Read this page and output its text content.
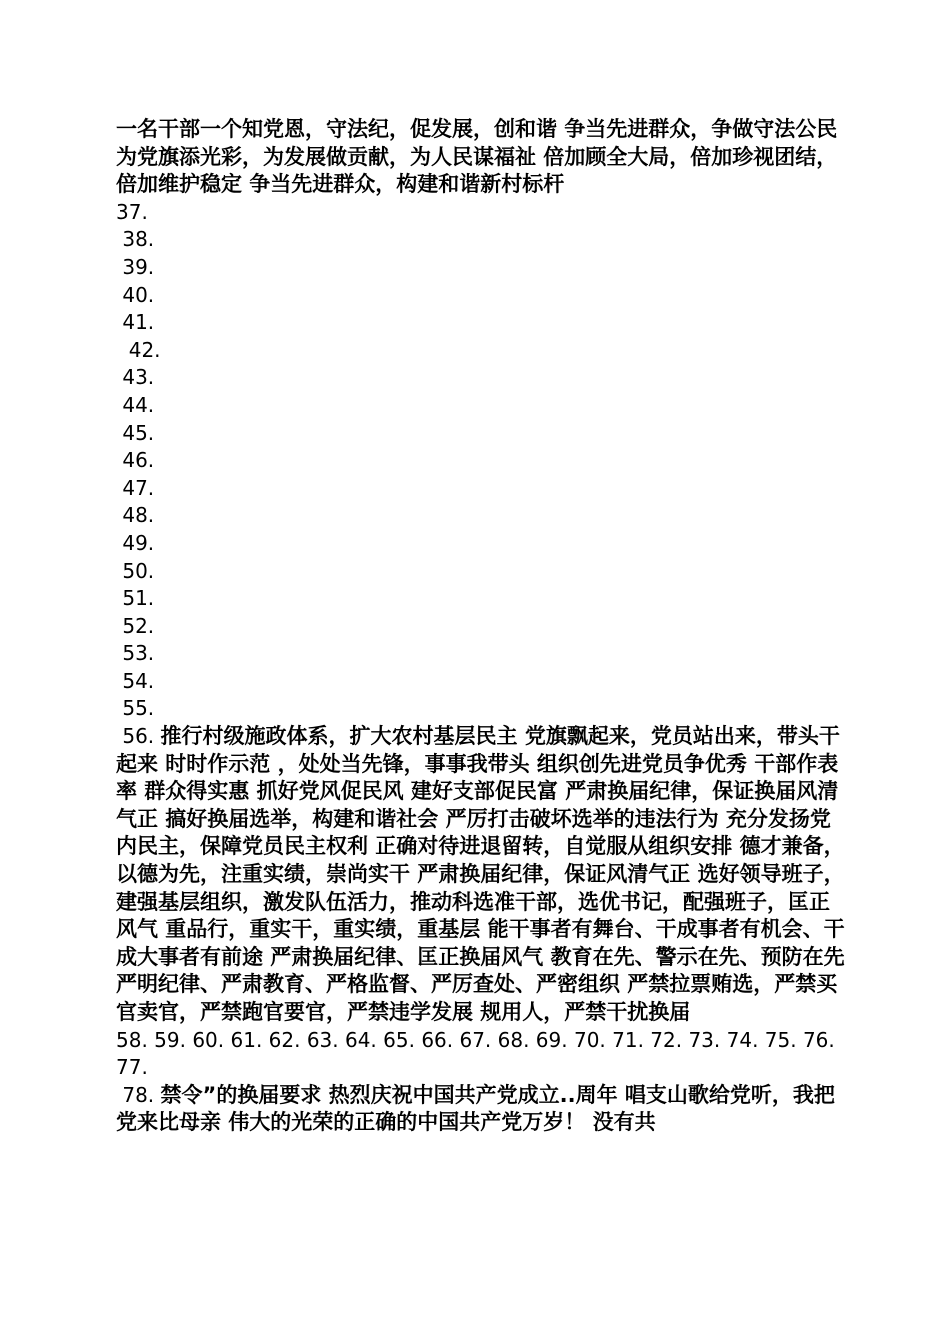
一名干部一个知党恩，守法纪，促发展，创和谐 争当先进群众，争做守法公民 为党旗添光彩，为发展做贡献，为人民谋福祉 倍加顾全大局，倍加珍视团结，倍加维护稳定 争当先进群众，构建和谐新村标杆

37.

38.

39.

40.

41.

42.

43.

44.

45.

46.

47.

48.

49.

50.

51.

52.

53.

54.

55.

56. 推行村级施政体系，扩大农村基层民主 党旗飘起来，党员站出来，带头干起来 时时作示范 ，处处当先锋，事事我带头 组织创先进党员争优秀 干部作表率 群众得实惠 抓好党风促民风 建好支部促民富 严肃换届纪律，保证换届风清气正 搞好换届选举，构建和谐社会 严厉打击破坏选举的违法行为 充分发扬党内民主，保障党员民主权利 正确对待进退留转，自觉服从组织安排 德才兼备，以德为先，注重实绩，崇尚实干 严肃换届纪律，保证风清气正 选好领导班子，建强基层组织，激发队伍活力，推动科选准干部，选优书记，配强班子，匡正风气 重品行，重实干，重实绩，重基层 能干事者有舞台、干成事者有机会、干成大事者有前途 严肃换届纪律、匡正换届风气 教育在先、警示在先、预防在先 严明纪律、严肃教育、严格监督、严厉查处、严密组织 严禁拉票贿选，严禁买官卖官，严禁跑官要官，严禁违学发展 规用人，严禁干扰换届

58. 59. 60. 61. 62. 63. 64. 65. 66. 67. 68. 69. 70. 71. 72. 73. 74. 75. 76. 77.

78. 禁令”的换届要求 热烈庆祝中国共产党成立..周年 唱支山歌给党听，我把党来比母亲 伟大的光荣的正确的中国共产党万岁！ 没有共
